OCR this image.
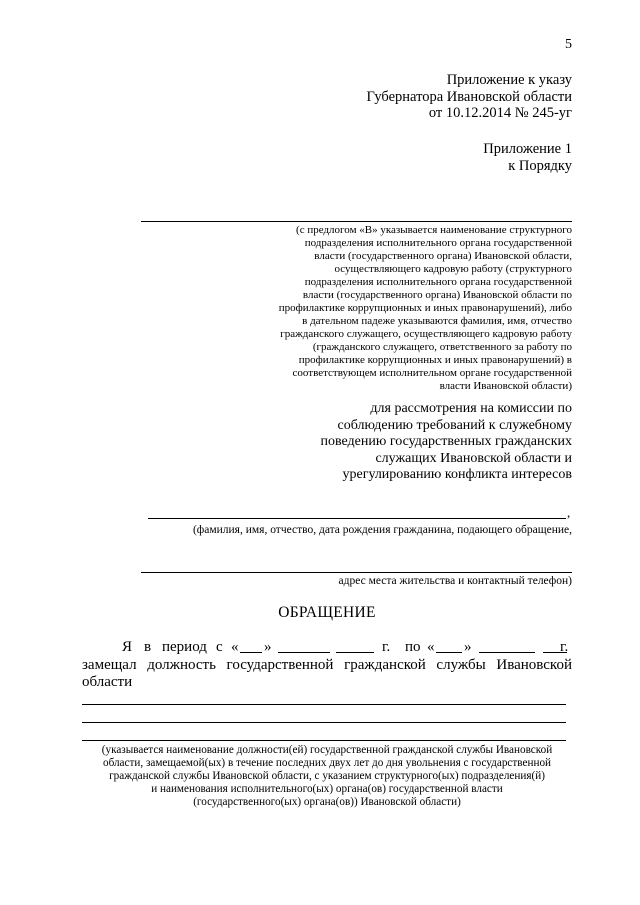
5
Приложение к указу
Губернатора Ивановской области
от 10.12.2014 № 245-уг
Приложение 1
к Порядку
(с предлогом «В» указывается наименование структурного
подразделения исполнительного органа государственной
власти (государственного органа) Ивановской области,
осуществляющего кадровую работу (структурного
подразделения исполнительного органа государственной
власти (государственного органа) Ивановской области по
профилактике коррупционных и иных правонарушений), либо
в дательном падеже указываются фамилия, имя, отчество
гражданского служащего, осуществляющего кадровую работу
(гражданского служащего, ответственного за работу по
профилактике коррупционных и иных правонарушений) в
соответствующем исполнительном органе государственной
власти Ивановской области)
для рассмотрения на комиссии по
соблюдению требований к служебному
поведению государственных гражданских
служащих Ивановской области и
урегулированию конфликта интересов
,
(фамилия, имя, отчество, дата рождения гражданина, подающего обращение,
адрес места жительства и контактный телефон)
ОБРАЩЕНИЕ
Я в период с « »	г. по « »	г.
замещал должность государственной гражданской службы Ивановской
области
(указывается наименование должности(ей) государственной гражданской службы Ивановской
области, замещаемой(ых) в течение последних двух лет до дня увольнения с государственной
гражданской службы Ивановской области, с указанием структурного(ых) подразделения(й)
и наименования исполнительного(ых) органа(ов) государственной власти
(государственного(ых) органа(ов)) Ивановской области)
